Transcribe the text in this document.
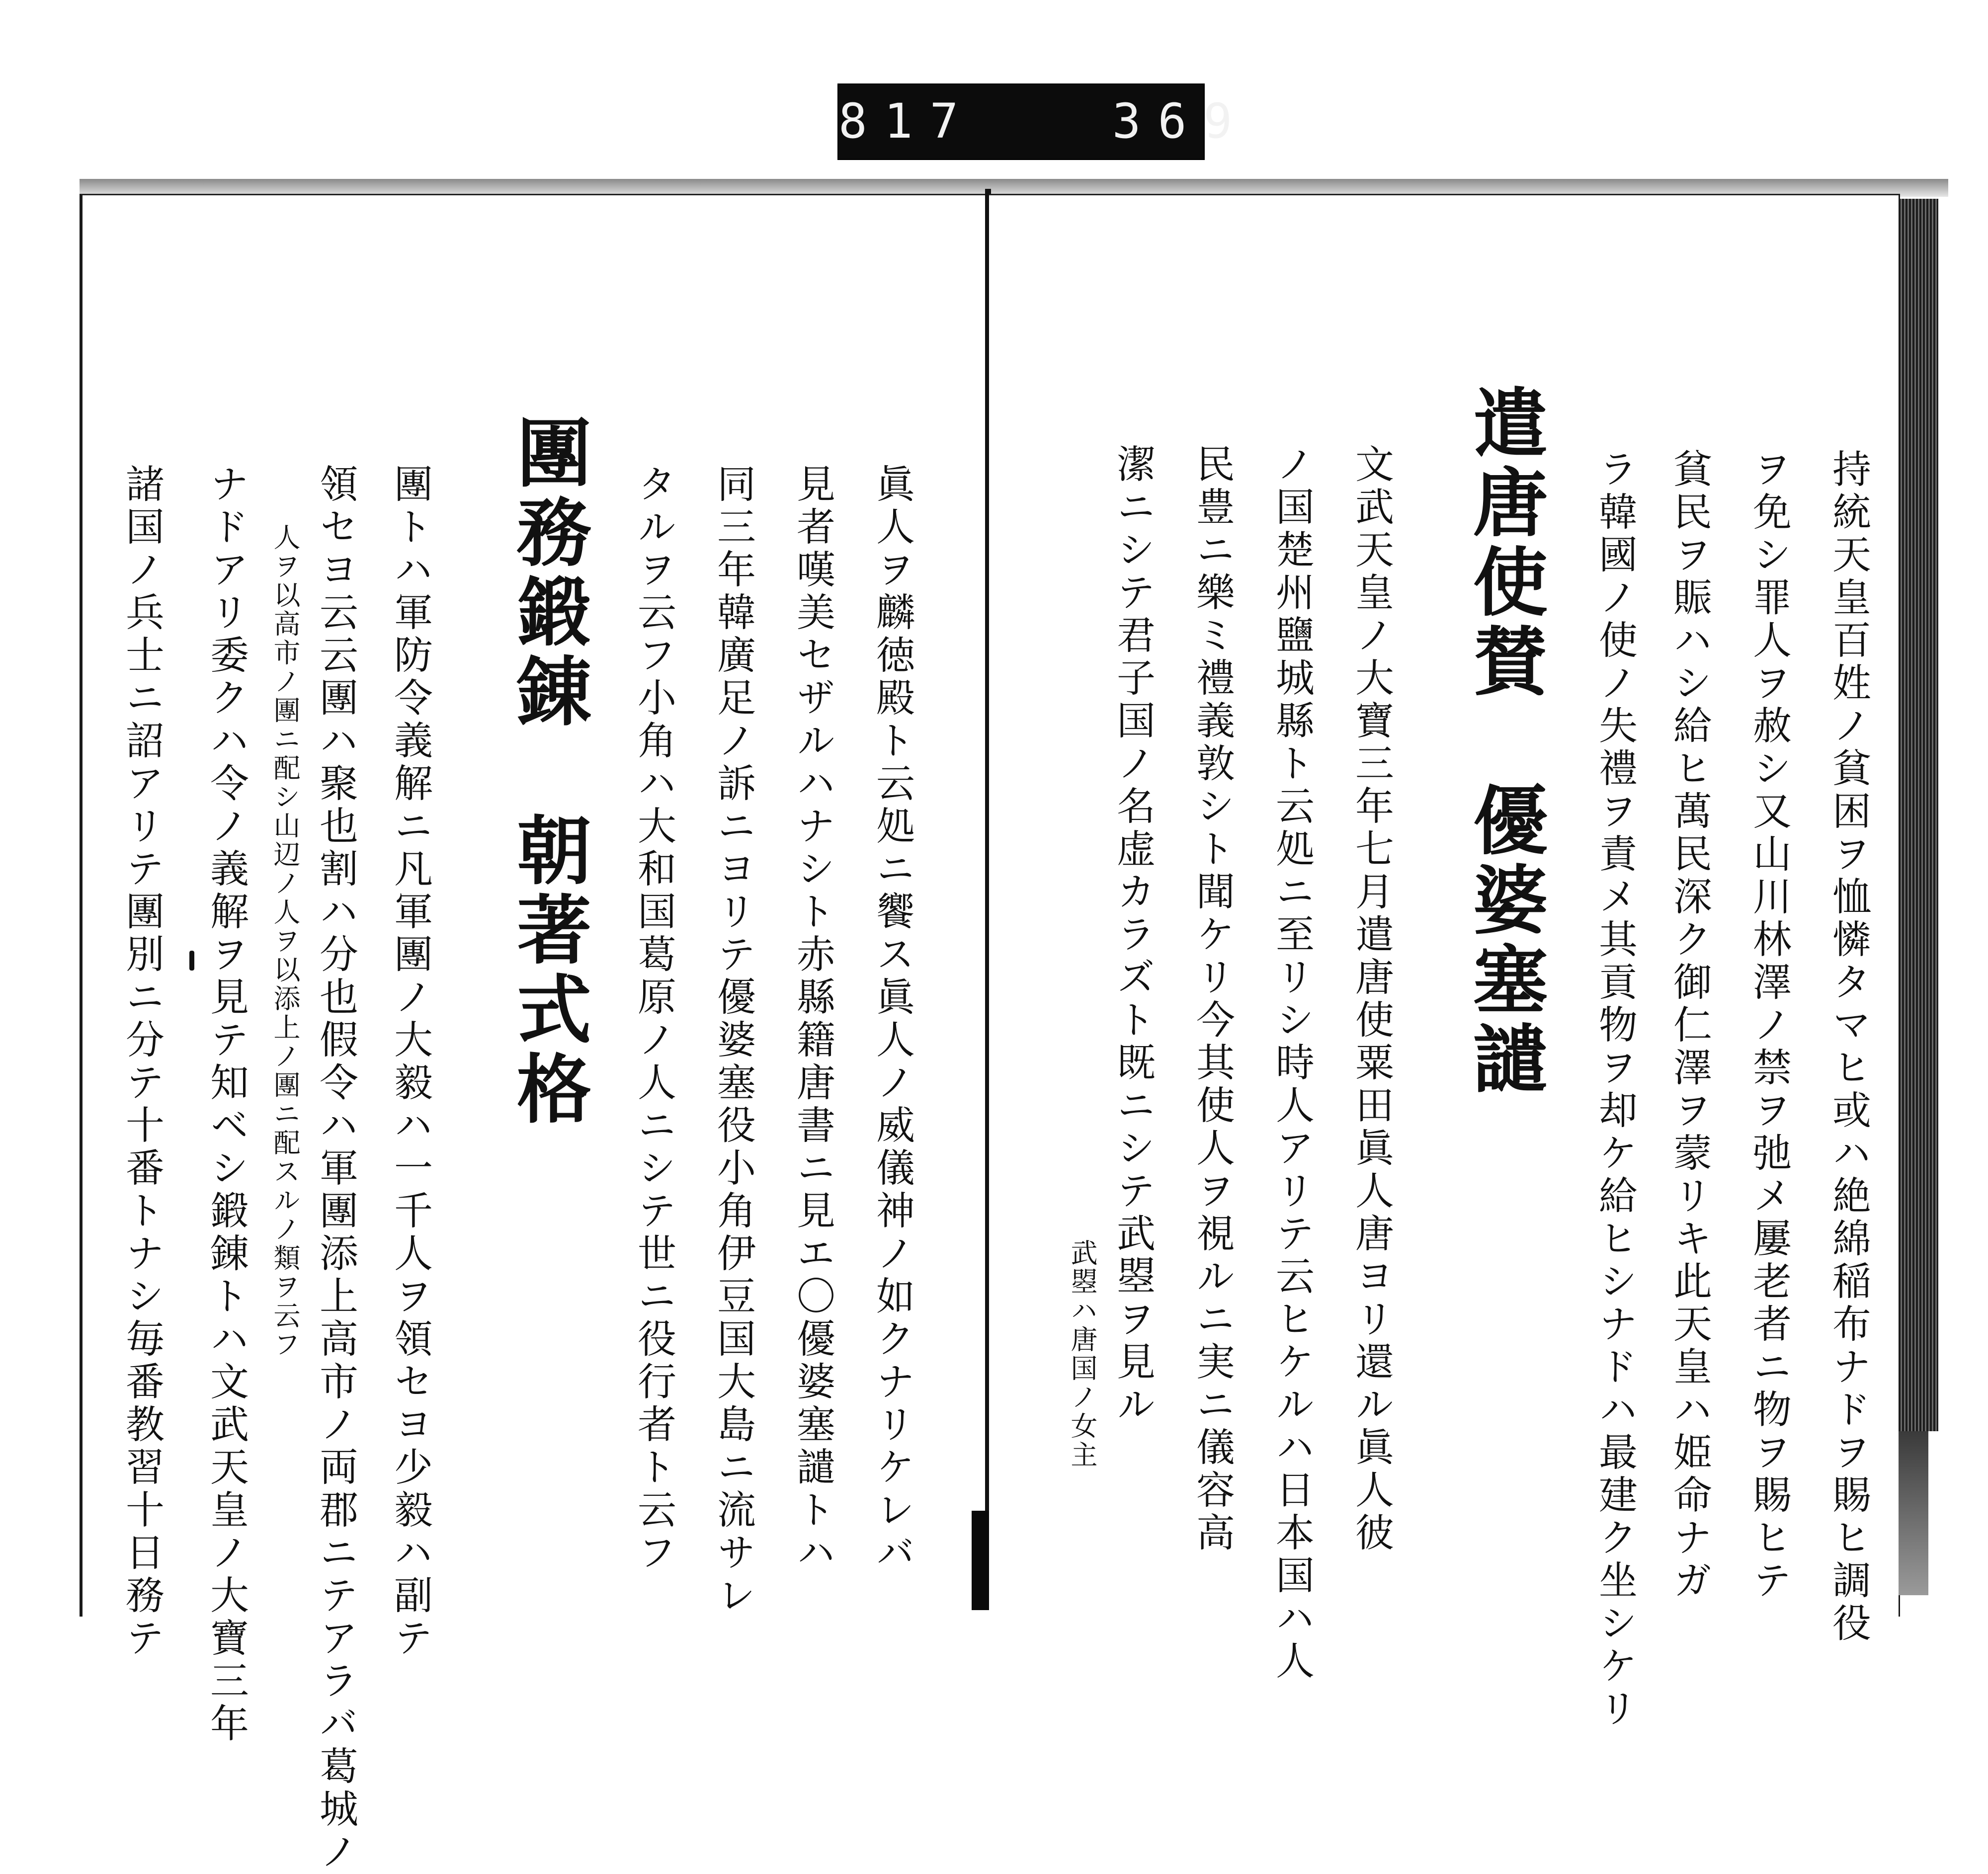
817   369
眞人ヲ麟徳殿ト云処ニ饗ス眞人ノ威儀神ノ如クナリケレバ
見者嘆美セザルハナシト赤縣籍唐書ニ見エ〇優婆塞譴トハ
同三年韓廣足ノ訴ニヨリテ優婆塞役小角伊豆国大島ニ流サレ
タルヲ云フ小角ハ大和国葛原ノ人ニシテ世ニ役行者ト云フ
團務鍛錬　朝著式格
團トハ軍防令義解ニ凡軍團ノ大毅ハ一千人ヲ領セヨ少毅ハ副テ
領セヨ云云團ハ聚也割ハ分也假令ハ軍團添上高市ノ両郡ニテアラバ葛城ノ
人ヲ以高市ノ團ニ配シ山辺ノ人ヲ以添上ノ團ニ配スルノ類ヲ云フ
ナドアリ委クハ令ノ義解ヲ見テ知ベシ鍛錬トハ文武天皇ノ大寶三年
諸国ノ兵士ニ詔アリテ團別ニ分テ十番トナシ毎番教習十日務テ	持統天皇百姓ノ貧困ヲ恤憐タマヒ或ハ絶綿稲布ナドヲ賜ヒ調役
ヲ免シ罪人ヲ赦シ又山川林澤ノ禁ヲ弛メ屢老者ニ物ヲ賜ヒテ
貧民ヲ賑ハシ給ヒ萬民深ク御仁澤ヲ蒙リキ此天皇ハ姫命ナガ
ラ韓國ノ使ノ失禮ヲ責メ其貢物ヲ却ケ給ヒシナドハ最建ク坐シケリ
遣唐使賛　優婆塞譴
文武天皇ノ大寶三年七月遣唐使粟田眞人唐ヨリ還ル眞人彼
ノ国楚州鹽城縣ト云処ニ至リシ時人アリテ云ヒケルハ日本国ハ人
民豊ニ樂ミ禮義敦シト聞ケリ今其使人ヲ視ルニ実ニ儀容高
潔ニシテ君子国ノ名虚カラズト既ニシテ武曌ヲ見ル
武曌ハ唐国ノ女主
